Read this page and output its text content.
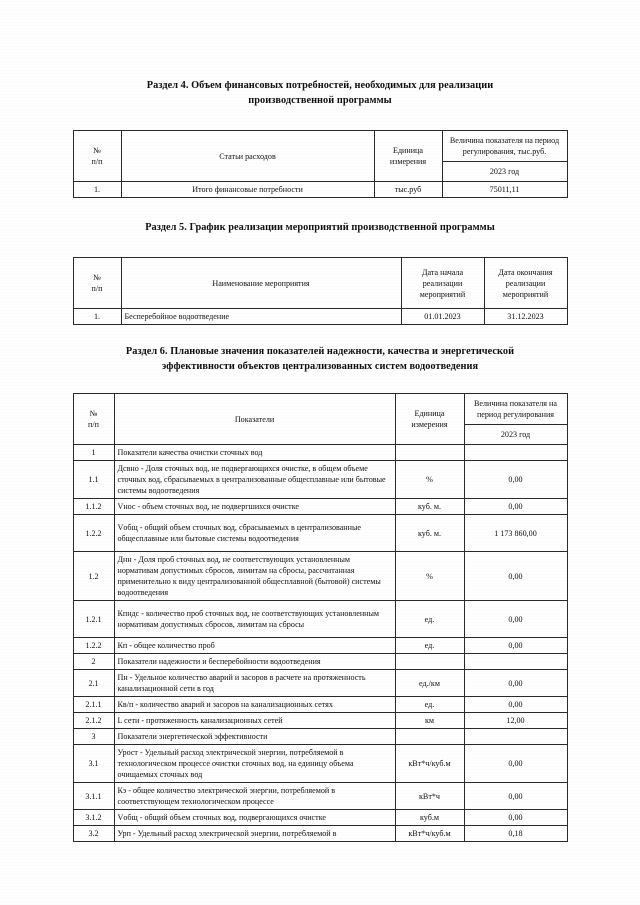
Раздел 4. Объем финансовых потребностей, необходимых для реализации
производственной программы
№
п/п	Статьи расходов	Единица
измерения	Величина показателя на период
регулирования, тыс.руб.
			2023 год
1.	Итого финансовые потребности	тыс.руб	75011,11
Раздел 5. График реализации мероприятий производственной программы
№
п/п	Наименование мероприятия	Дата начала
реализации
мероприятий	Дата окончания
реализации
мероприятий
1.	Бесперебойное водоотведение	01.01.2023	31.12.2023
Раздел 6. Плановые значения показателей надежности, качества и энергетической
эффективности объектов централизованных систем водоотведения
№
п/п	Показатели	Единица
измерения	Величина показателя на
период регулирования
			2023 год
1	Показатели качества очистки сточных вод		
1.1	Дсвно - Доля сточных вод, не подвергающихся очистке, в общем объеме сточных вод, сбрасываемых в централизованные общесплавные или бытовые системы водоотведения	%	0,00
1.1.2	Vнос - объем сточных вод, не подвергшихся очистке	куб. м.	0,00
1.2.2	Vобщ - общий объем сточных вод, сбрасываемых в централизованные общесплавные или бытовые системы водоотведения	куб. м.	1 173 860,00
1.2	Днн - Доля проб сточных вод, не соответствующих установленным нормативам допустимых сбросов, лимитам на сбросы, рассчитанная применительно к виду централизованной общесплавной (бытовой) системы водоотведения	%	0,00
1.2.1	Кпндс - количество проб сточных вод, не соответствующих установленным нормативам допустимых сбросов, лимитам на сбросы	ед.	0,00
1.2.2	Кп - общее количество проб	ед.	0,00
2	Показатели надежности и бесперебойности водоотведения		
2.1	Пн - Удельное количество аварий и засоров в расчете на протяженность канализационной сети в год	ед./км	0,00
2.1.1	Кв/п - количество аварий и засоров на канализационных сетях	ед.	0,00
2.1.2	L сети - протяженность канализационных сетей	км	12,00
3	Показатели энергетической эффективности		
3.1	Урост - Удельный расход электрической энергии, потребляемой в технологическом процессе очистки сточных вод, на единицу объема очищаемых сточных вод	кВт*ч/куб.м	0,00
3.1.1	Кэ - общее количество электрической энергии, потребляемой в соответствующем технологическом процессе	кВт*ч	0,00
3.1.2	Vобщ - общий объем сточных вод, подвергающихся очистке	куб.м	0,00
3.2	Урп - Удельный расход электрической энергии, потребляемой в	кВт*ч/куб.м	0,18
